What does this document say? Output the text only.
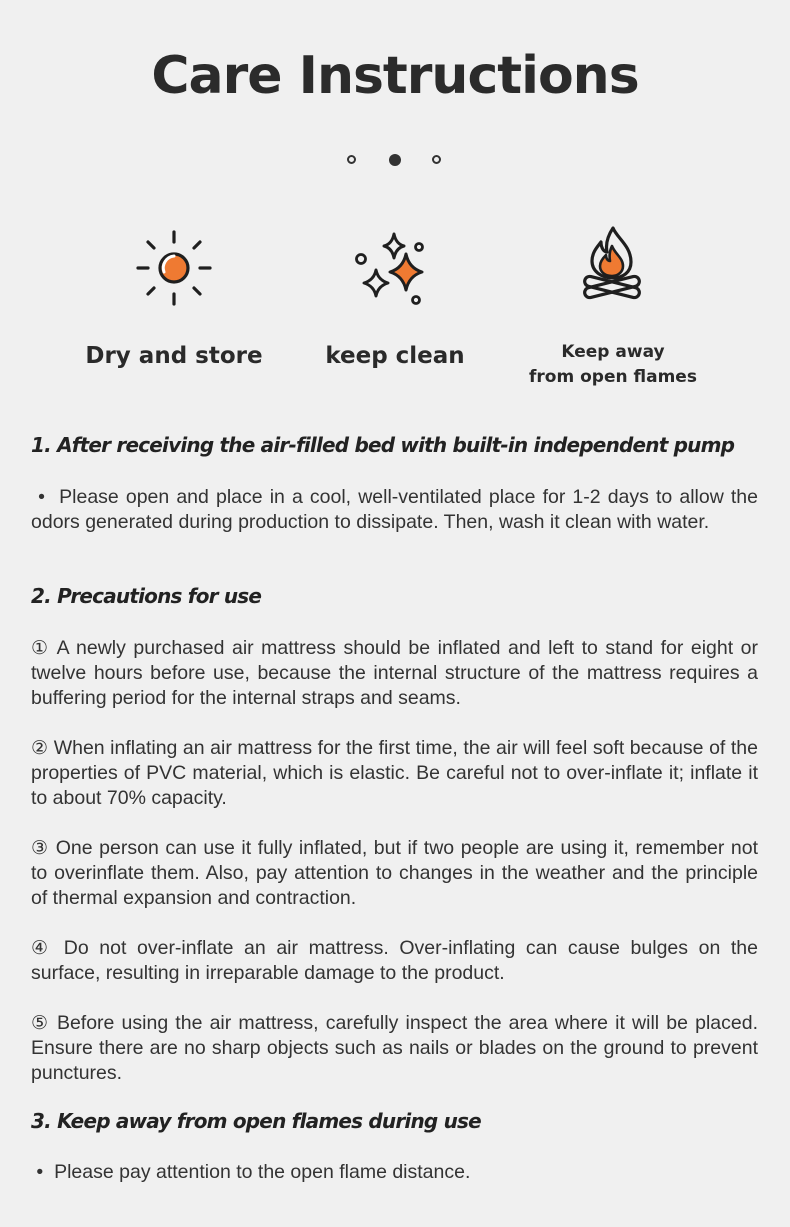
Care Instructions
Dry and store	keep clean	Keep away
from open flames
1. After receiving the air-filled bed with built-in independent pump
• Please open and place in a cool, well-ventilated place for 1-2 days to allow the odors generated during production to dissipate. Then, wash it clean with water.
2. Precautions for use
① A newly purchased air mattress should be inflated and left to stand for eight or twelve hours before use, because the internal structure of the mattress requires a buffering period for the internal straps and seams.
② When inflating an air mattress for the first time, the air will feel soft because of the properties of PVC material, which is elastic. Be careful not to over-inflate it; inflate it to about 70% capacity.
③ One person can use it fully inflated, but if two people are using it, remember not to overinflate them. Also, pay attention to changes in the weather and the principle of thermal expansion and contraction.
④ Do not over-inflate an air mattress. Over-inflating can cause bulges on the surface, resulting in irreparable damage to the product.
⑤ Before using the air mattress, carefully inspect the area where it will be placed. Ensure there are no sharp objects such as nails or blades on the ground to prevent punctures.
3. Keep away from open flames during use
• Please pay attention to the open flame distance.
